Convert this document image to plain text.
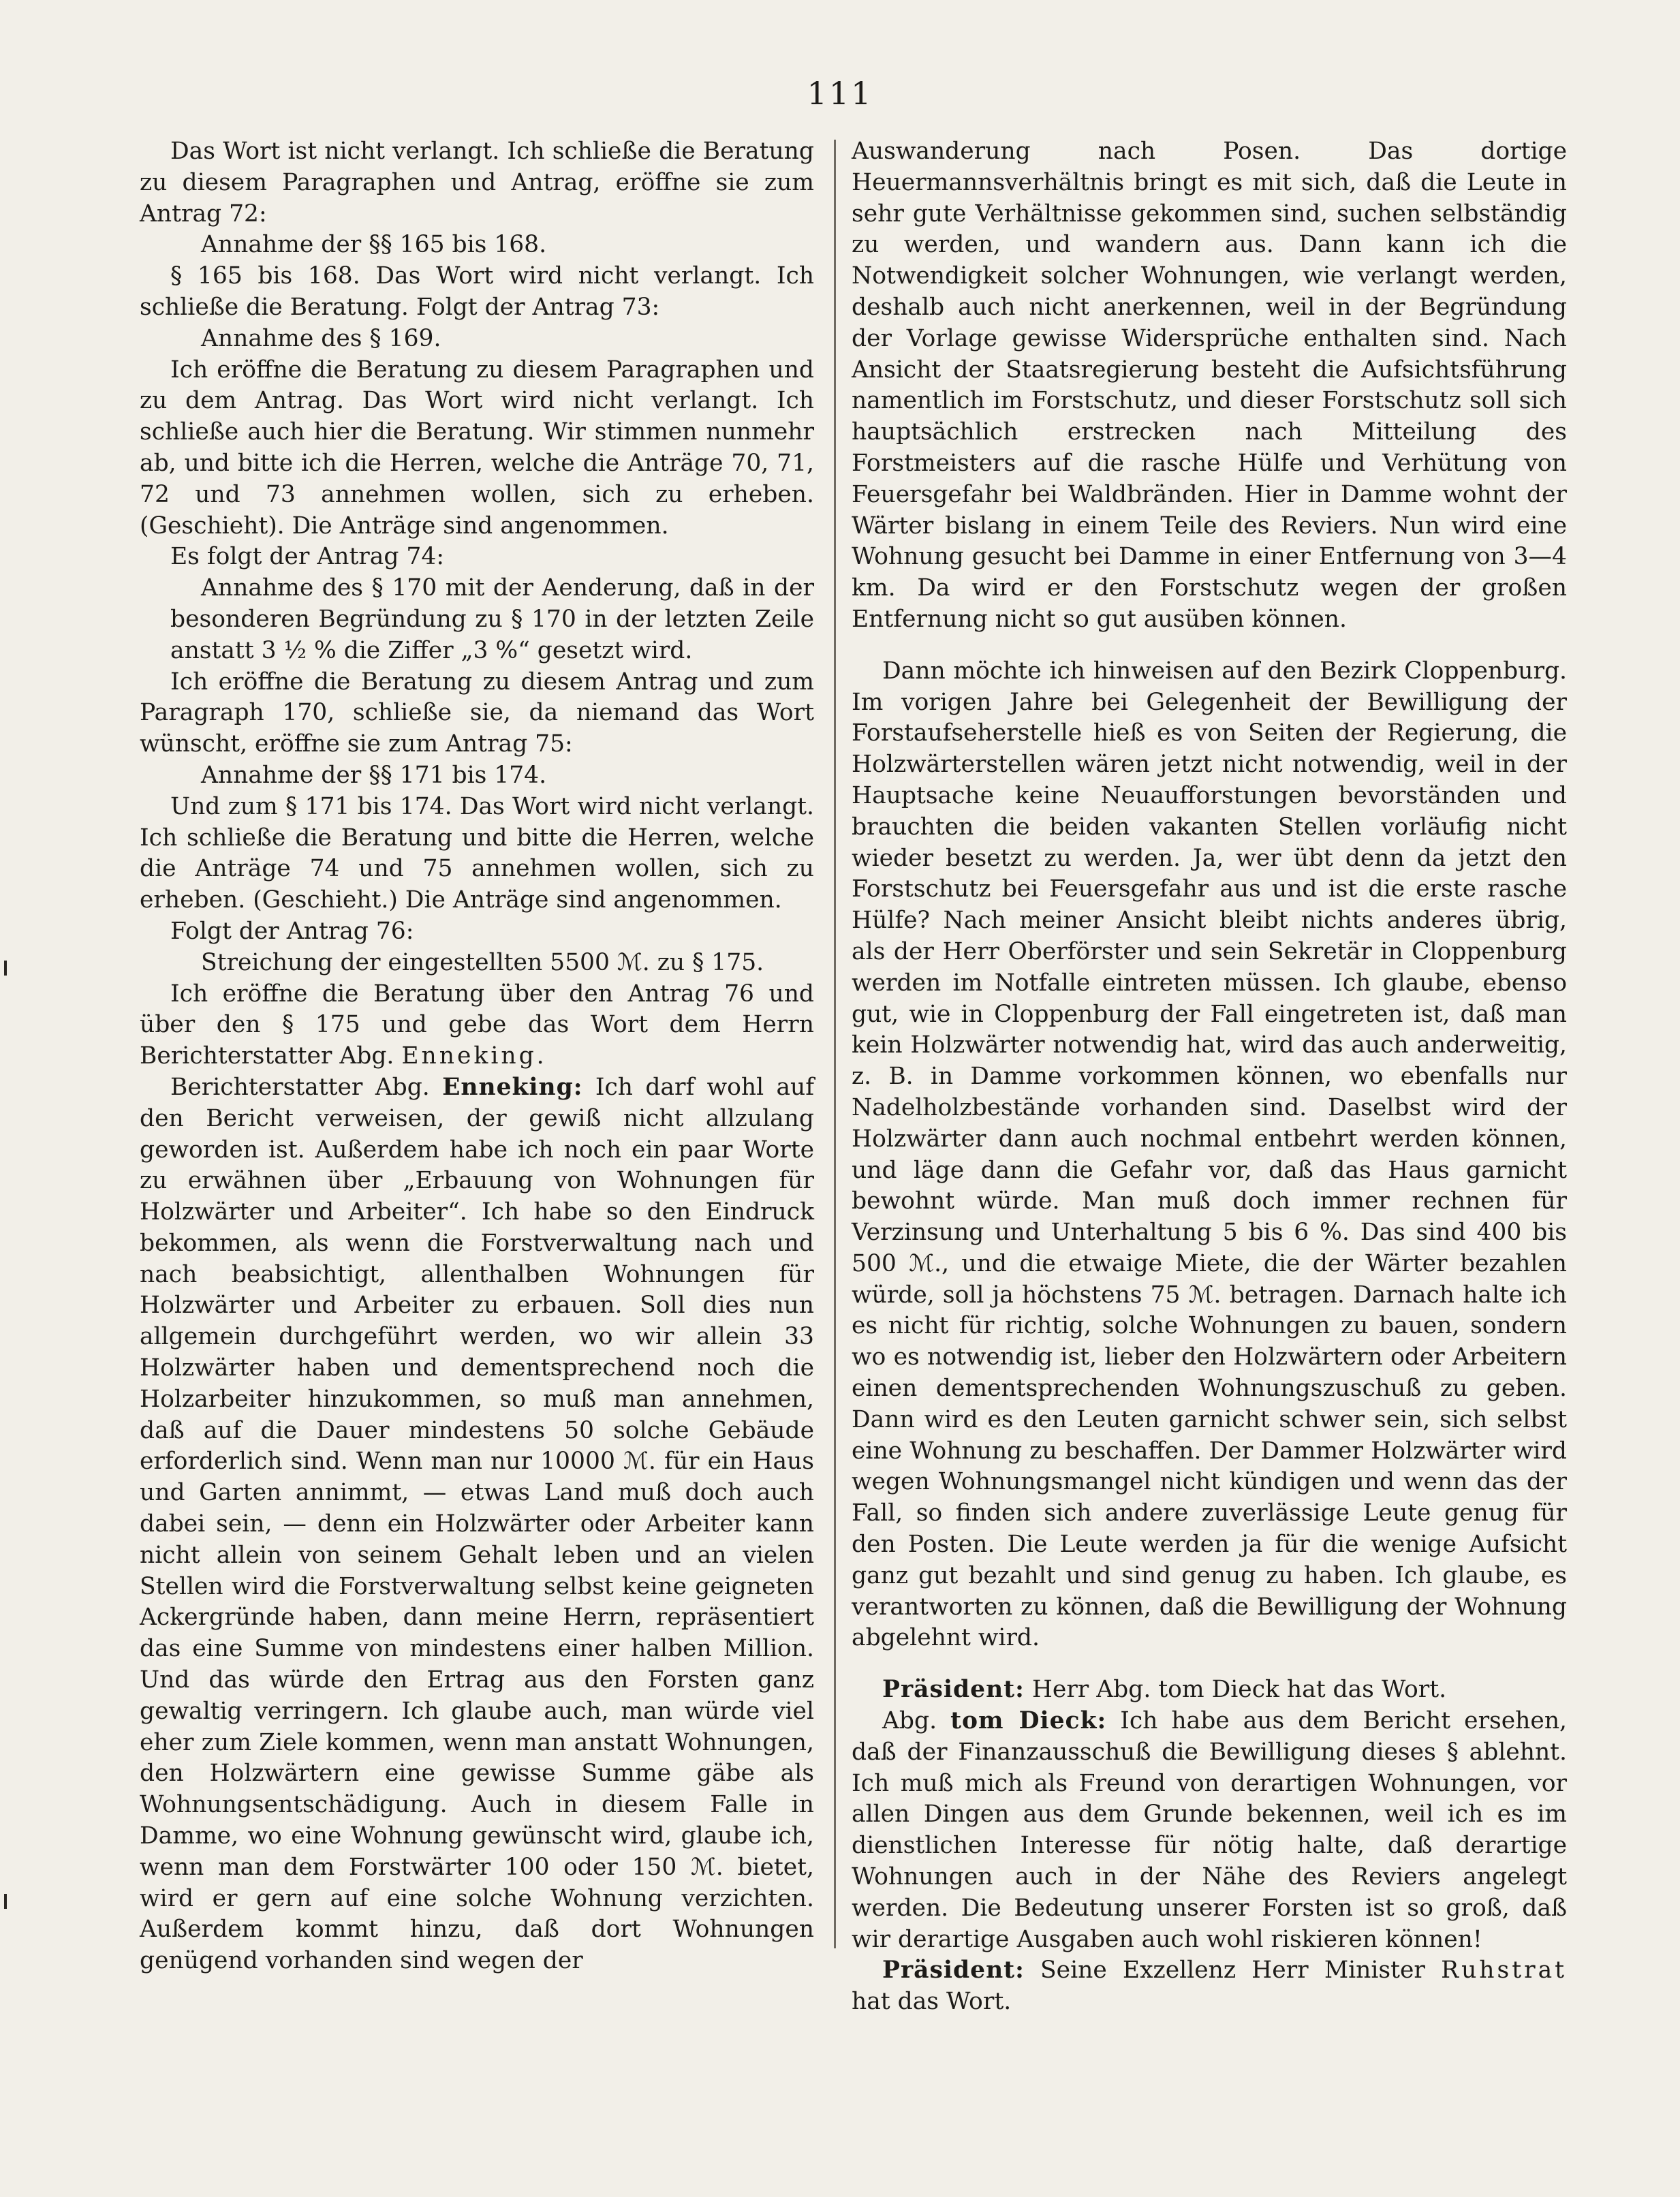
111

Das Wort ist nicht verlangt. Ich schließe die Beratung zu diesem Paragraphen und Antrag, eröffne sie zum Antrag 72:

Annahme der §§ 165 bis 168.

§ 165 bis 168. Das Wort wird nicht verlangt. Ich schließe die Beratung. Folgt der Antrag 73:

Annahme des § 169.

Ich eröffne die Beratung zu diesem Paragraphen und zu dem Antrag. Das Wort wird nicht verlangt. Ich schließe auch hier die Beratung. Wir stimmen nunmehr ab, und bitte ich die Herren, welche die Anträge 70, 71, 72 und 73 annehmen wollen, sich zu erheben. (Geschieht). Die Anträge sind angenommen.

Es folgt der Antrag 74:

Annahme des § 170 mit der Aenderung, daß in der besonderen Begründung zu § 170 in der letzten Zeile anstatt 3 ½ % die Ziffer „3 %“ gesetzt wird.

Ich eröffne die Beratung zu diesem Antrag und zum Paragraph 170, schließe sie, da niemand das Wort wünscht, eröffne sie zum Antrag 75:

Annahme der §§ 171 bis 174.

Und zum § 171 bis 174. Das Wort wird nicht verlangt. Ich schließe die Beratung und bitte die Herren, welche die Anträge 74 und 75 annehmen wollen, sich zu erheben. (Geschieht.) Die Anträge sind angenommen.

Folgt der Antrag 76:

Streichung der eingestellten 5500 ℳ. zu § 175.

Ich eröffne die Beratung über den Antrag 76 und über den § 175 und gebe das Wort dem Herrn Berichterstatter Abg. Enneking.

Berichterstatter Abg. Enneking: Ich darf wohl auf den Bericht verweisen, der gewiß nicht allzulang geworden ist. Außerdem habe ich noch ein paar Worte zu erwähnen über „Erbauung von Wohnungen für Holzwärter und Arbeiter“. Ich habe so den Eindruck bekommen, als wenn die Forstverwaltung nach und nach beabsichtigt, allenthalben Wohnungen für Holzwärter und Arbeiter zu erbauen. Soll dies nun allgemein durchgeführt werden, wo wir allein 33 Holzwärter haben und dementsprechend noch die Holzarbeiter hinzukommen, so muß man annehmen, daß auf die Dauer mindestens 50 solche Gebäude erforderlich sind. Wenn man nur 10000 ℳ. für ein Haus und Garten annimmt, — etwas Land muß doch auch dabei sein, — denn ein Holzwärter oder Arbeiter kann nicht allein von seinem Gehalt leben und an vielen Stellen wird die Forstverwaltung selbst keine geigneten Ackergründe haben, dann meine Herrn, repräsentiert das eine Summe von mindestens einer halben Million. Und das würde den Ertrag aus den Forsten ganz gewaltig verringern. Ich glaube auch, man würde viel eher zum Ziele kommen, wenn man anstatt Wohnungen, den Holzwärtern eine gewisse Summe gäbe als Wohnungsentschädigung. Auch in diesem Falle in Damme, wo eine Wohnung gewünscht wird, glaube ich, wenn man dem Forstwärter 100 oder 150 ℳ. bietet, wird er gern auf eine solche Wohnung verzichten. Außerdem kommt hinzu, daß dort Wohnungen genügend vorhanden sind wegen der

Auswanderung nach Posen. Das dortige Heuermannsverhältnis bringt es mit sich, daß die Leute in sehr gute Verhältnisse gekommen sind, suchen selbständig zu werden, und wandern aus. Dann kann ich die Notwendigkeit solcher Wohnungen, wie verlangt werden, deshalb auch nicht anerkennen, weil in der Begründung der Vorlage gewisse Widersprüche enthalten sind. Nach Ansicht der Staatsregierung besteht die Aufsichtsführung namentlich im Forstschutz, und dieser Forstschutz soll sich hauptsächlich erstrecken nach Mitteilung des Forstmeisters auf die rasche Hülfe und Verhütung von Feuersgefahr bei Waldbränden. Hier in Damme wohnt der Wärter bislang in einem Teile des Reviers. Nun wird eine Wohnung gesucht bei Damme in einer Entfernung von 3—4 km. Da wird er den Forstschutz wegen der großen Entfernung nicht so gut ausüben können.

Dann möchte ich hinweisen auf den Bezirk Cloppenburg. Im vorigen Jahre bei Gelegenheit der Bewilligung der Forstaufseherstelle hieß es von Seiten der Regierung, die Holzwärterstellen wären jetzt nicht notwendig, weil in der Hauptsache keine Neuaufforstungen bevorständen und brauchten die beiden vakanten Stellen vorläufig nicht wieder besetzt zu werden. Ja, wer übt denn da jetzt den Forstschutz bei Feuersgefahr aus und ist die erste rasche Hülfe? Nach meiner Ansicht bleibt nichts anderes übrig, als der Herr Oberförster und sein Sekretär in Cloppenburg werden im Notfalle eintreten müssen. Ich glaube, ebenso gut, wie in Cloppenburg der Fall eingetreten ist, daß man kein Holzwärter notwendig hat, wird das auch anderweitig, z. B. in Damme vorkommen können, wo ebenfalls nur Nadelholzbestände vorhanden sind. Daselbst wird der Holzwärter dann auch nochmal entbehrt werden können, und läge dann die Gefahr vor, daß das Haus garnicht bewohnt würde. Man muß doch immer rechnen für Verzinsung und Unterhaltung 5 bis 6 %. Das sind 400 bis 500 ℳ., und die etwaige Miete, die der Wärter bezahlen würde, soll ja höchstens 75 ℳ. betragen. Darnach halte ich es nicht für richtig, solche Wohnungen zu bauen, sondern wo es notwendig ist, lieber den Holzwärtern oder Arbeitern einen dementsprechenden Wohnungszuschuß zu geben. Dann wird es den Leuten garnicht schwer sein, sich selbst eine Wohnung zu beschaffen. Der Dammer Holzwärter wird wegen Wohnungsmangel nicht kündigen und wenn das der Fall, so finden sich andere zuverlässige Leute genug für den Posten. Die Leute werden ja für die wenige Aufsicht ganz gut bezahlt und sind genug zu haben. Ich glaube, es verantworten zu können, daß die Bewilligung der Wohnung abgelehnt wird.

Präsident: Herr Abg. tom Dieck hat das Wort.

Abg. tom Dieck: Ich habe aus dem Bericht ersehen, daß der Finanzausschuß die Bewilligung dieses § ablehnt. Ich muß mich als Freund von derartigen Wohnungen, vor allen Dingen aus dem Grunde bekennen, weil ich es im dienstlichen Interesse für nötig halte, daß derartige Wohnungen auch in der Nähe des Reviers angelegt werden. Die Bedeutung unserer Forsten ist so groß, daß wir derartige Ausgaben auch wohl riskieren können!

Präsident: Seine Exzellenz Herr Minister Ruhstrat hat das Wort.
